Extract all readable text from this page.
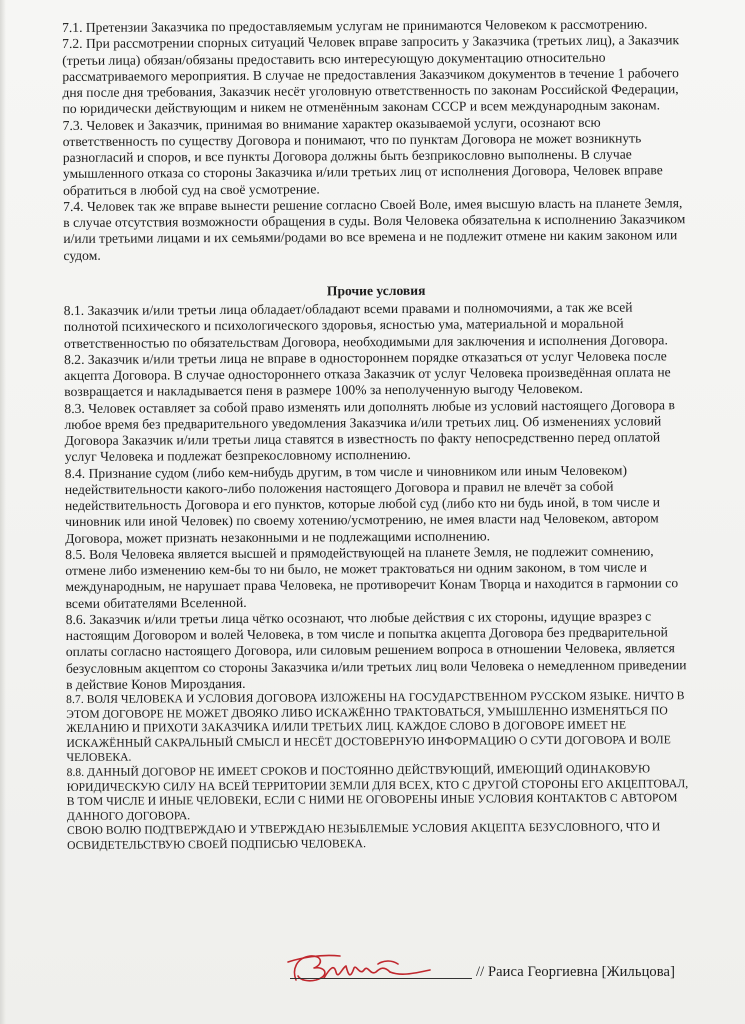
7.1. Претензии Заказчика по предоставляемым услугам не принимаются Человеком к рассмотрению.

7.2. При рассмотрении спорных ситуаций Человек вправе запросить у Заказчика (третьих лиц), а Заказчик (третьи лица) обязан/обязаны предоставить всю интересующую документацию относительно рассматриваемого мероприятия. В случае не предоставления Заказчиком документов в течение 1 рабочего дня после дня требования, Заказчик несёт уголовную ответственность по законам Российской Федерации, по юридически действующим и никем не отменённым законам СССР и всем международным законам.

7.3. Человек и Заказчик, принимая во внимание характер оказываемой услуги, осознают всю ответственность по существу Договора и понимают, что по пунктам Договора не может возникнуть разногласий и споров, и все пункты Договора должны быть безприкословно выполнены. В случае умышленного отказа со стороны Заказчика и/или третьих лиц от исполнения Договора, Человек вправе обратиться в любой суд на своё усмотрение.

7.4. Человек так же вправе вынести решение согласно Своей Воле, имея высшую власть на планете Земля, в случае отсутствия возможности обращения в суды. Воля Человека обязательна к исполнению Заказчиком и/или третьими лицами и их семьями/родами во все времена и не подлежит отмене ни каким законом или судом.

Прочие условия

8.1. Заказчик и/или третьи лица обладает/обладают всеми правами и полномочиями, а так же всей полнотой психического и психологического здоровья, ясностью ума, материальной и моральной ответственностью по обязательствам Договора, необходимыми для заключения и исполнения Договора.

8.2. Заказчик и/или третьи лица не вправе в одностороннем порядке отказаться от услуг Человека после акцепта Договора. В случае одностороннего отказа Заказчик от услуг Человека произведённая оплата не возвращается и накладывается пеня в размере 100% за неполученную выгоду Человеком.

8.3. Человек оставляет за собой право изменять или дополнять любые из условий настоящего Договора в любое время без предварительного уведомления Заказчика и/или третьих лиц. Об изменениях условий Договора Заказчик и/или третьи лица ставятся в известность по факту непосредственно перед оплатой услуг Человека и подлежат безпрекословному исполнению.

8.4. Признание судом (либо кем-нибудь другим, в том числе и чиновником или иным Человеком) недействительности какого-либо положения настоящего Договора и правил не влечёт за собой недействительность Договора и его пунктов, которые любой суд (либо кто ни будь иной, в том числе и чиновник или иной Человек) по своему хотению/усмотрению, не имея власти над Человеком, автором Договора, может признать незаконными и не подлежащими исполнению.

8.5. Воля Человека является высшей и прямодействующей на планете Земля, не подлежит сомнению, отмене либо изменению кем-бы то ни было, не может трактоваться ни одним законом, в том числе и международным, не нарушает права Человека, не противоречит Конам Творца и находится в гармонии со всеми обитателями Вселенной.

8.6. Заказчик и/или третьи лица чётко осознают, что любые действия с их стороны, идущие вразрез с настоящим Договором и волей Человека, в том числе и попытка акцепта Договора без предварительной оплаты согласно настоящего Договора, или силовым решением вопроса в отношении Человека, является безусловным акцептом со стороны Заказчика и/или третьих лиц воли Человека о немедленном приведении в действие Конов Мироздания.

8.7. ВОЛЯ ЧЕЛОВЕКА И УСЛОВИЯ ДОГОВОРА ИЗЛОЖЕНЫ НА ГОСУДАРСТВЕННОМ РУССКОМ ЯЗЫКЕ. НИЧТО В ЭТОМ ДОГОВОРЕ НЕ МОЖЕТ ДВОЯКО ЛИБО ИСКАЖЁННО ТРАКТОВАТЬСЯ, УМЫШЛЕННО ИЗМЕНЯТЬСЯ ПО ЖЕЛАНИЮ И ПРИХОТИ ЗАКАЗЧИКА И/ИЛИ ТРЕТЬИХ ЛИЦ. КАЖДОЕ СЛОВО В ДОГОВОРЕ ИМЕЕТ НЕ ИСКАЖЁННЫЙ САКРАЛЬНЫЙ СМЫСЛ И НЕСЁТ ДОСТОВЕРНУЮ ИНФОРМАЦИЮ О СУТИ ДОГОВОРА И ВОЛЕ ЧЕЛОВЕКА.

8.8. ДАННЫЙ ДОГОВОР НЕ ИМЕЕТ СРОКОВ И ПОСТОЯННО ДЕЙСТВУЮЩИЙ, ИМЕЮЩИЙ ОДИНАКОВУЮ ЮРИДИЧЕСКУЮ СИЛУ НА ВСЕЙ ТЕРРИТОРИИ ЗЕМЛИ ДЛЯ ВСЕХ, КТО С ДРУГОЙ СТОРОНЫ ЕГО АКЦЕПТОВАЛ, В ТОМ ЧИСЛЕ И ИНЫЕ ЧЕЛОВЕКИ, ЕСЛИ С НИМИ НЕ ОГОВОРЕНЫ ИНЫЕ УСЛОВИЯ КОНТАКТОВ С АВТОРОМ ДАННОГО ДОГОВОРА.

СВОЮ ВОЛЮ ПОДТВЕРЖДАЮ И УТВЕРЖДАЮ НЕЗЫБЛЕМЫЕ УСЛОВИЯ АКЦЕПТА БЕЗУСЛОВНОГО, ЧТО И ОСВИДЕТЕЛЬСТВУЮ СВОЕЙ ПОДПИСЬЮ ЧЕЛОВЕКА.

// Раиса Георгиевна [Жильцова]
